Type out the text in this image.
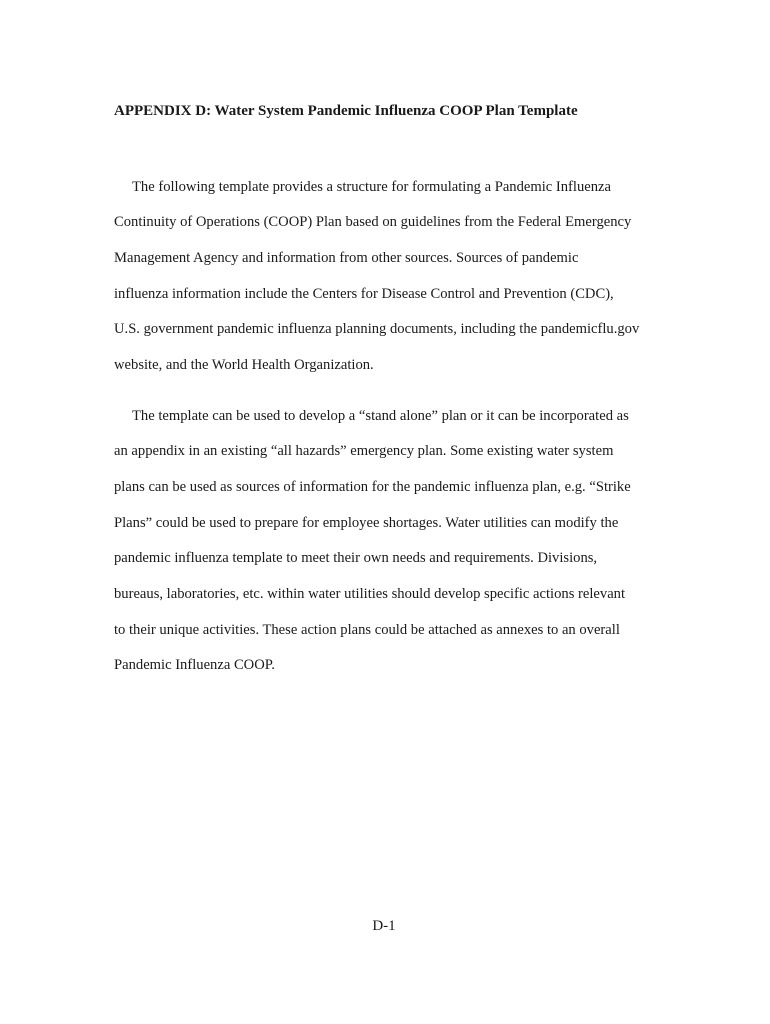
APPENDIX D: Water System Pandemic Influenza COOP Plan Template

The following template provides a structure for formulating a Pandemic Influenza

Continuity of Operations (COOP) Plan based on guidelines from the Federal Emergency

Management Agency and information from other sources. Sources of pandemic

influenza information include the Centers for Disease Control and Prevention (CDC),

U.S. government pandemic influenza planning documents, including the pandemicflu.gov

website, and the World Health Organization.

The template can be used to develop a “stand alone” plan or it can be incorporated as

an appendix in an existing “all hazards” emergency plan. Some existing water system

plans can be used as sources of information for the pandemic influenza plan, e.g. “Strike

Plans” could be used to prepare for employee shortages. Water utilities can modify the

pandemic influenza template to meet their own needs and requirements. Divisions,

bureaus, laboratories, etc. within water utilities should develop specific actions relevant

to their unique activities. These action plans could be attached as annexes to an overall

Pandemic Influenza COOP.

D-1
